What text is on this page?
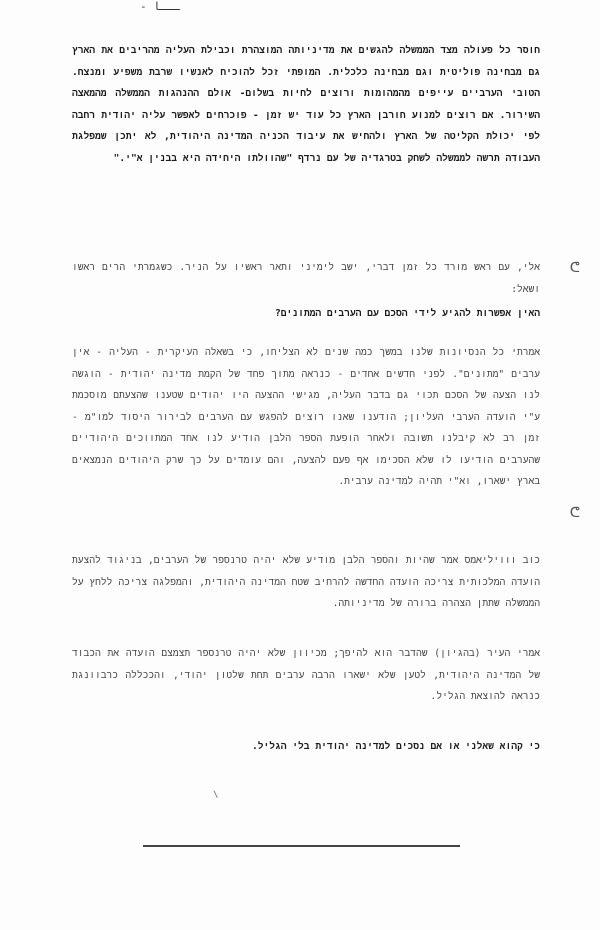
- ـــا

חוסר כל פעולה מצד הממשלה להגשים את מדיניותה המוצהרת וכבילת העליה מהריבים את הארץ גם מבחינה פוליטית וגם מבחינה כלכלית. המופתי זכל להוכיח לאנשיו שרבת משפיע ומנצח. הטובי הערביים עייפים מהמהומות ורוצים לחיות בשלום- אולם ההנהגות הממשלה מהמאצה השירור. אם רוצים למנוע חורבן הארץ כל עוד יש זמן - פוכרחים לאפשר עליה יהודית רחבה לפי יכולת הקליטה של הארץ ולהחיש את עיבוד הכניה המדינה היהודית, לא יתכן שמפלגת העבודה תרשה לממשלה לשחק בטרגדיה של עם נרדף "שהוולתו היחידה היא בבנין א"י."

אלי, עם ראש מורד כל זמן דברי, ישב לימיני ותאר ראשיו על הניר. כשגמרתי הרים ראשו ושאל:

האין אפשרות להגיע לידי הסכם עם הערבים המתונים?

אמרתי כל הנסיונות שלנו במשך כמה שנים לא הצליחו, כי בשאלה העיקרית - העליה - אין ערבים "מתונים". לפני חדשים אחדים - כנראה מתוך פחד של הקמת מדינה יהודית - הוגשה לנו הצעה של הסכם תכוי גם בדבר העליה, מגישי ההצעה היו יהודים שטענו שהצעתם מוסכמת ע"י הועדה הערבי העליון; הודענו שאנו רוצים להפגש עם הערבים לבירור היסוד למו"מ - זמן רב לא קיבלנו תשובה ולאחר הופעת הספר הלבן הודיע לנו אחד המתווכים היהודיים שהערבים הודיעו לו שלא הסכימו אף פעם להצעה, והם עומדים על כך שרק היהודים הנמצאים בארץ ישארו, וא"י תהיה למדינה ערבית.

כוב ווויליאמס אמר שהיות והספר הלבן מודיע שלא יהיה טרנספר של הערבים, בניגוד להצעת הועדה המלכותית צריכה הועדה החדשה להרחיב שטח המדינה היהודית, והמפלגה צריכה ללחץ על הממשלה שתתן הצהרה ברורה של מדיניותה.

אמרי העיר (בהגיון) שהדבר הוא להיפך; מכיוון שלא יהיה טרנספר תצמצם הועדה את הכבוד של המדינה היהודית, לטען שלא ישארו הרבה ערבים תחת שלטון יהודי, והככללה כרבוונגת כנראה להוצאת הגליל.

כי קהוא שאלני או אם נסכים למדינה יהודית בלי הגליל.

ᕦ
ᕦ
\
